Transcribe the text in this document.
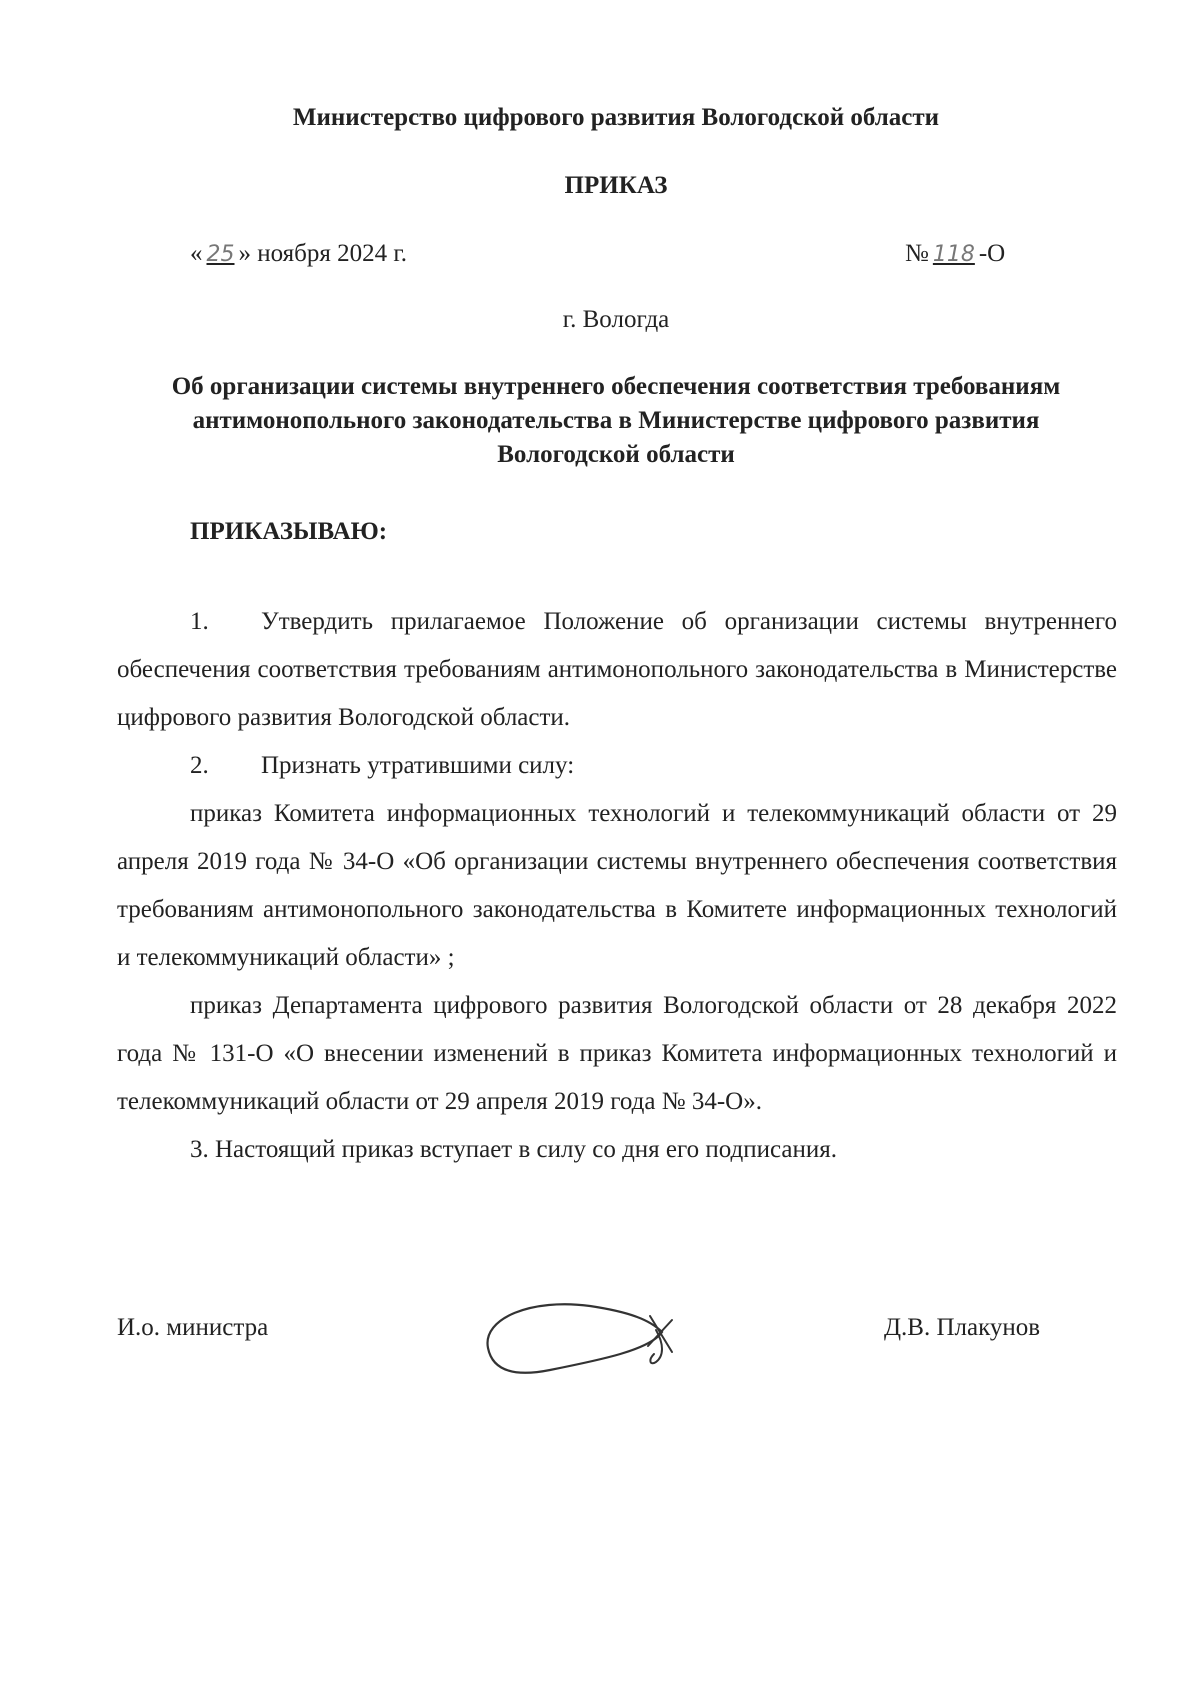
Министерство цифрового развития Вологодской области
ПРИКАЗ
« 25 » ноября 2024 г.	№ 118 -О
г. Вологда
Об организации системы внутреннего обеспечения соответствия требованиям антимонопольного законодательства в Министерстве цифрового развития Вологодской области
ПРИКАЗЫВАЮ:

1. Утвердить прилагаемое Положение об организации системы внутреннего обеспечения соответствия требованиям антимонопольного законодательства в Министерстве цифрового развития Вологодской области.

2. Признать утратившими силу:

приказ Комитета информационных технологий и телекоммуникаций области от 29 апреля 2019 года № 34-О «Об организации системы внутреннего обеспечения соответствия требованиям антимонопольного законодательства в Комитете информационных технологий и телекоммуникаций области» ;

приказ Департамента цифрового развития Вологодской области от 28 декабря 2022 года № 131-О «О внесении изменений в приказ Комитета информационных технологий и телекоммуникаций области от 29 апреля 2019 года № 34-О».

3. Настоящий приказ вступает в силу со дня его подписания.

И.о. министра	Д.В. Плакунов
